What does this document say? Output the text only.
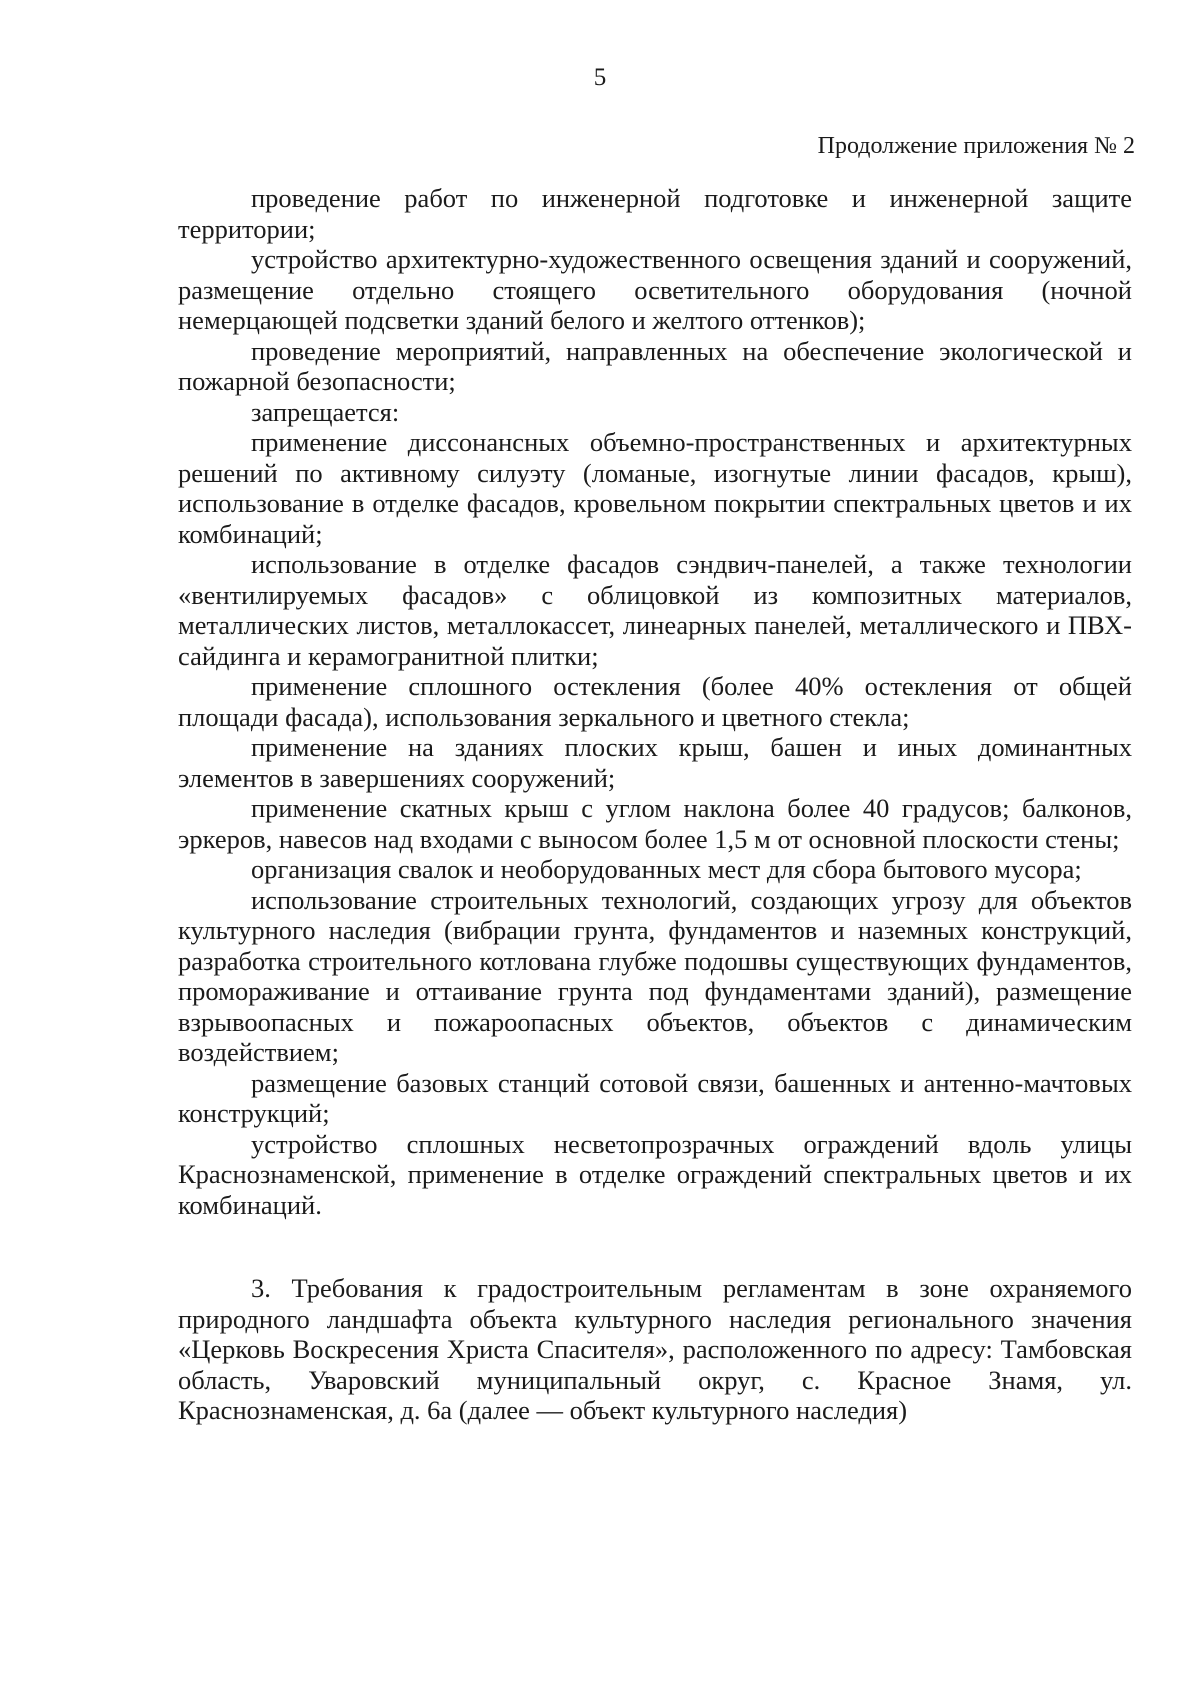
5
Продолжение приложения № 2

проведение работ по инженерной подготовке и инженерной защите территории;

устройство архитектурно-художественного освещения зданий и сооружений, размещение отдельно стоящего осветительного оборудования (ночной немерцающей подсветки зданий белого и желтого оттенков);

проведение мероприятий, направленных на обеспечение экологической и пожарной безопасности;

запрещается:

применение диссонансных объемно-пространственных и архитектурных решений по активному силуэту (ломаные, изогнутые линии фасадов, крыш), использование в отделке фасадов, кровельном покрытии спектральных цветов и их комбинаций;

использование в отделке фасадов сэндвич-панелей, а также технологии «вентилируемых фасадов» с облицовкой из композитных материалов, металлических листов, металлокассет, линеарных панелей, металлического и ПВХ-сайдинга и керамогранитной плитки;

применение сплошного остекления (более 40% остекления от общей площади фасада), использования зеркального и цветного стекла;

применение на зданиях плоских крыш, башен и иных доминантных элементов в завершениях сооружений;

применение скатных крыш с углом наклона более 40 градусов; балконов, эркеров, навесов над входами с выносом более 1,5 м от основной плоскости стены;

организация свалок и необорудованных мест для сбора бытового мусора;

использование строительных технологий, создающих угрозу для объектов культурного наследия (вибрации грунта, фундаментов и наземных конструкций, разработка строительного котлована глубже подошвы существующих фундаментов, промораживание и оттаивание грунта под фундаментами зданий), размещение взрывоопасных и пожароопасных объектов, объектов с динамическим воздействием;

размещение базовых станций сотовой связи, башенных и антенно-мачтовых конструкций;

устройство сплошных несветопрозрачных ограждений вдоль улицы Краснознаменской, применение в отделке ограждений спектральных цветов и их комбинаций.

3. Требования к градостроительным регламентам в зоне охраняемого природного ландшафта объекта культурного наследия регионального значения «Церковь Воскресения Христа Спасителя», расположенного по адресу: Тамбовская область, Уваровский муниципальный округ, с. Красное Знамя, ул. Краснознаменская, д. 6а (далее — объект культурного наследия)
